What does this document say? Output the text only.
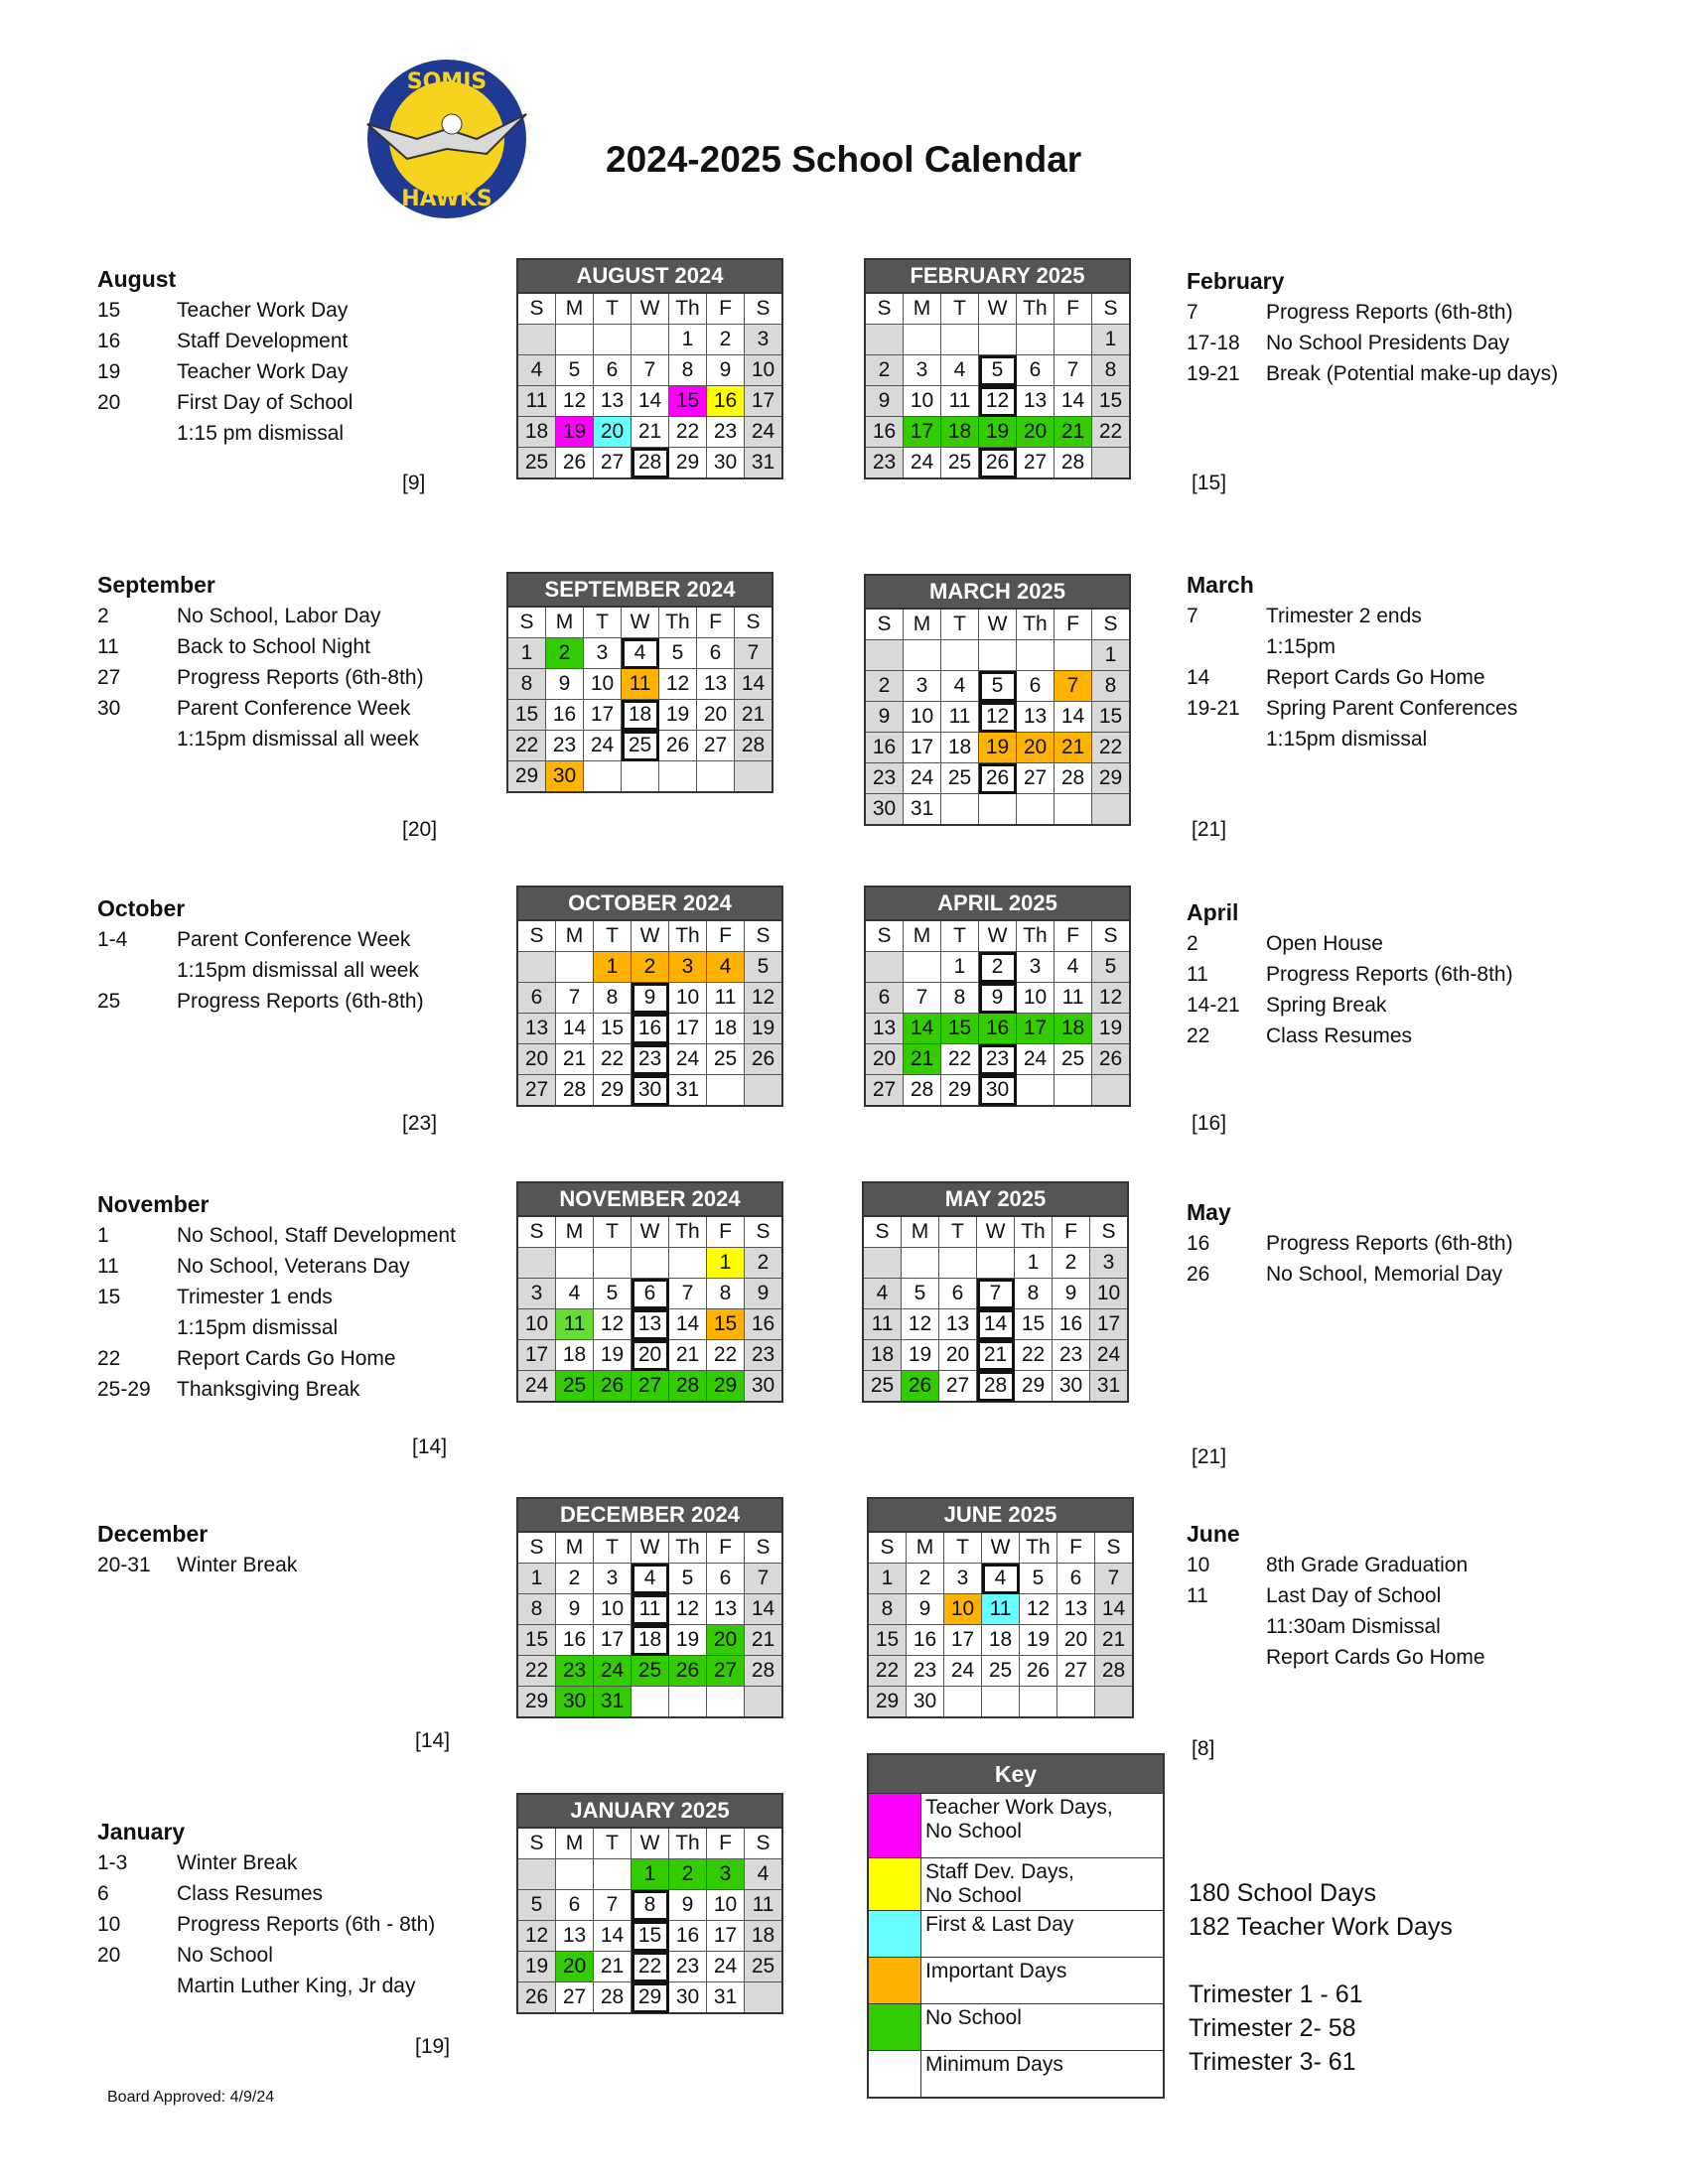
SOMIS
HAWKS
2024-2025 School Calendar
AUGUST 2024						
S	M	T	W	Th	F	S
				1	2	3
4	5	6	7	8	9	10
11	12	13	14	15	16	17
18	19	20	21	22	23	24
25	26	27	28	29	30	31
FEBRUARY 2025						
S	M	T	W	Th	F	S
						1
2	3	4	5	6	7	8
9	10	11	12	13	14	15
16	17	18	19	20	21	22
23	24	25	26	27	28	
SEPTEMBER 2024						
S	M	T	W	Th	F	S
1	2	3	4	5	6	7
8	9	10	11	12	13	14
15	16	17	18	19	20	21
22	23	24	25	26	27	28
29	30					
MARCH 2025						
S	M	T	W	Th	F	S
						1
2	3	4	5	6	7	8
9	10	11	12	13	14	15
16	17	18	19	20	21	22
23	24	25	26	27	28	29
30	31					
OCTOBER 2024						
S	M	T	W	Th	F	S
		1	2	3	4	5
6	7	8	9	10	11	12
13	14	15	16	17	18	19
20	21	22	23	24	25	26
27	28	29	30	31		
APRIL 2025						
S	M	T	W	Th	F	S
		1	2	3	4	5
6	7	8	9	10	11	12
13	14	15	16	17	18	19
20	21	22	23	24	25	26
27	28	29	30			
NOVEMBER 2024						
S	M	T	W	Th	F	S
					1	2
3	4	5	6	7	8	9
10	11	12	13	14	15	16
17	18	19	20	21	22	23
24	25	26	27	28	29	30
MAY 2025						
S	M	T	W	Th	F	S
				1	2	3
4	5	6	7	8	9	10
11	12	13	14	15	16	17
18	19	20	21	22	23	24
25	26	27	28	29	30	31
DECEMBER 2024						
S	M	T	W	Th	F	S
1	2	3	4	5	6	7
8	9	10	11	12	13	14
15	16	17	18	19	20	21
22	23	24	25	26	27	28
29	30	31				
JUNE 2025						
S	M	T	W	Th	F	S
1	2	3	4	5	6	7
8	9	10	11	12	13	14
15	16	17	18	19	20	21
22	23	24	25	26	27	28
29	30					
JANUARY 2025						
S	M	T	W	Th	F	S
			1	2	3	4
5	6	7	8	9	10	11
12	13	14	15	16	17	18
19	20	21	22	23	24	25
26	27	28	29	30	31	
August
15	Teacher Work Day
16	Staff Development
19	Teacher Work Day
20	First Day of School
1:15 pm dismissal
[9]
February
7	Progress Reports (6th-8th)
17-18	No School Presidents Day
19-21	Break (Potential make-up days)
[15]
September
2	No School, Labor Day
11	Back to School Night
27	Progress Reports (6th-8th)
30	Parent Conference Week
1:15pm dismissal all week
[20]
March
7	Trimester 2 ends
1:15pm
14	Report Cards Go Home
19-21	Spring Parent Conferences
1:15pm dismissal
[21]
October
1-4	Parent Conference Week
1:15pm dismissal all week
25	Progress Reports (6th-8th)
[23]
April
2	Open House
11	Progress Reports (6th-8th)
14-21	Spring Break
22	Class Resumes
[16]
November
1	No School, Staff Development
11	No School, Veterans Day
15	Trimester 1 ends
1:15pm dismissal
22	Report Cards Go Home
25-29	Thanksgiving Break
[14]
May
16	Progress Reports (6th-8th)
26	No School, Memorial Day
[21]
December
20-31	Winter Break
[14]
June
10	8th Grade Graduation
11	Last Day of School
11:30am Dismissal
Report Cards Go Home
[8]
January
1-3	Winter Break
6	Class Resumes
10	Progress Reports (6th - 8th)
20	No School
Martin Luther King, Jr day
[19]
Key	

	Teacher Work Days,
No School

	Staff Dev. Days,
No School

	First & Last Day

	Important Days

	No School

	Minimum Days
180 School Days
182 Teacher Work Days
Trimester 1 - 61
Trimester 2- 58
Trimester 3- 61
Board Approved: 4/9/24
